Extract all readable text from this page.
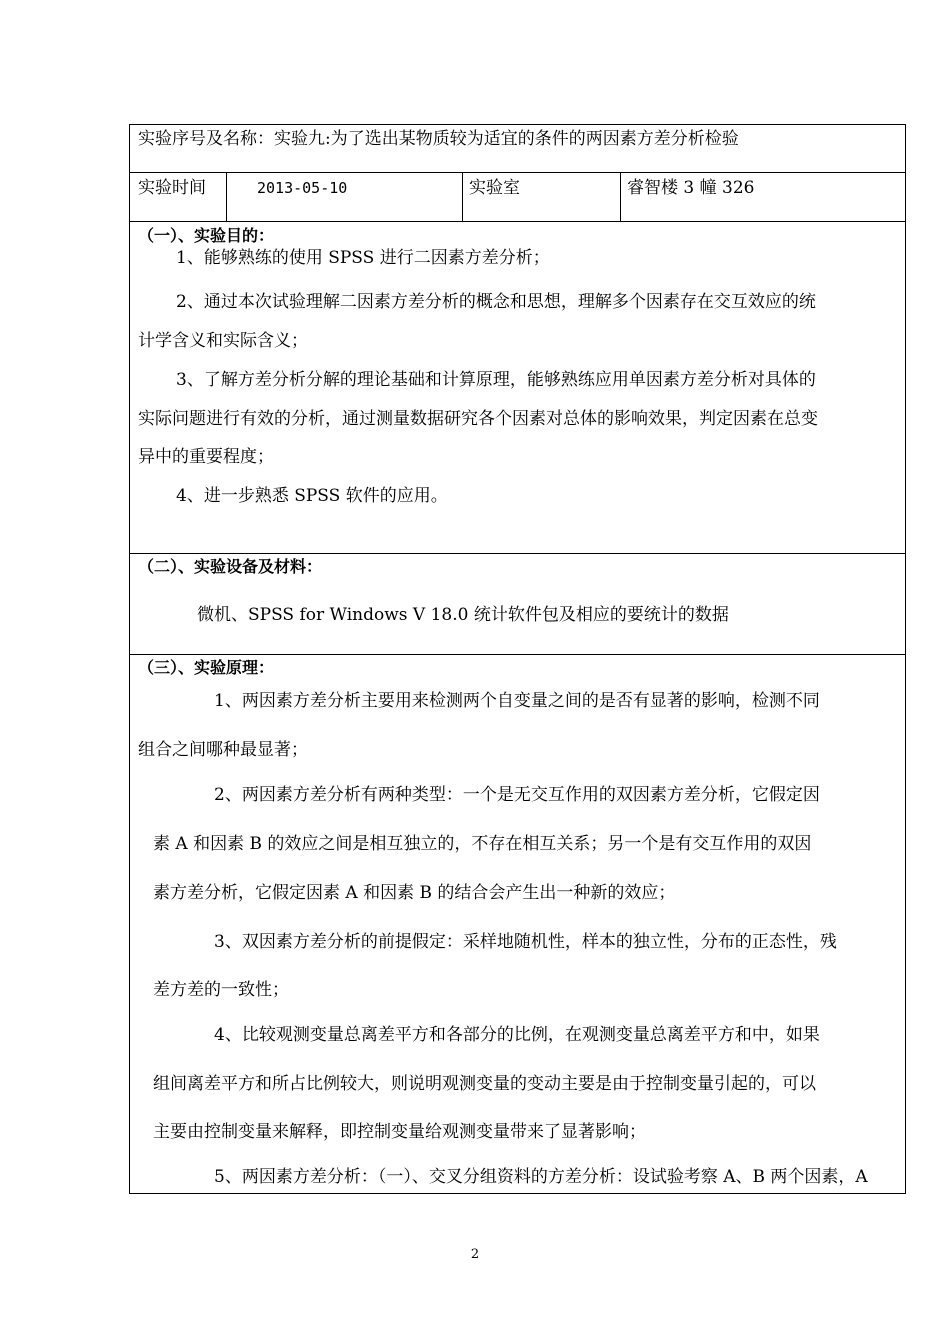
实验序号及名称：实验九:为了选出某物质较为适宜的条件的两因素方差分析检验
实验时间	2013-05-10	实验室	睿智楼 3 幢 326
（一）、实验目的：
1、能够熟练的使用 SPSS 进行二因素方差分析；
2、通过本次试验理解二因素方差分析的概念和思想，理解多个因素存在交互效应的统
计学含义和实际含义；
3、了解方差分析分解的理论基础和计算原理，能够熟练应用单因素方差分析对具体的
实际问题进行有效的分析，通过测量数据研究各个因素对总体的影响效果，判定因素在总变
异中的重要程度；
4、进一步熟悉 SPSS 软件的应用。
（二）、实验设备及材料：
微机、SPSS for Windows V 18.0 统计软件包及相应的要统计的数据
（三）、实验原理：
1、两因素方差分析主要用来检测两个自变量之间的是否有显著的影响，检测不同
组合之间哪种最显著；
2、两因素方差分析有两种类型：一个是无交互作用的双因素方差分析，它假定因
素 A 和因素 B 的效应之间是相互独立的，不存在相互关系；另一个是有交互作用的双因
素方差分析，它假定因素 A 和因素 B 的结合会产生出一种新的效应；
3、双因素方差分析的前提假定：采样地随机性，样本的独立性，分布的正态性，残
差方差的一致性；
4、比较观测变量总离差平方和各部分的比例，在观测变量总离差平方和中，如果
组间离差平方和所占比例较大，则说明观测变量的变动主要是由于控制变量引起的，可以
主要由控制变量来解释，即控制变量给观测变量带来了显著影响；
5、两因素方差分析：（一）、交叉分组资料的方差分析：设试验考察 A、B 两个因素，A
2
